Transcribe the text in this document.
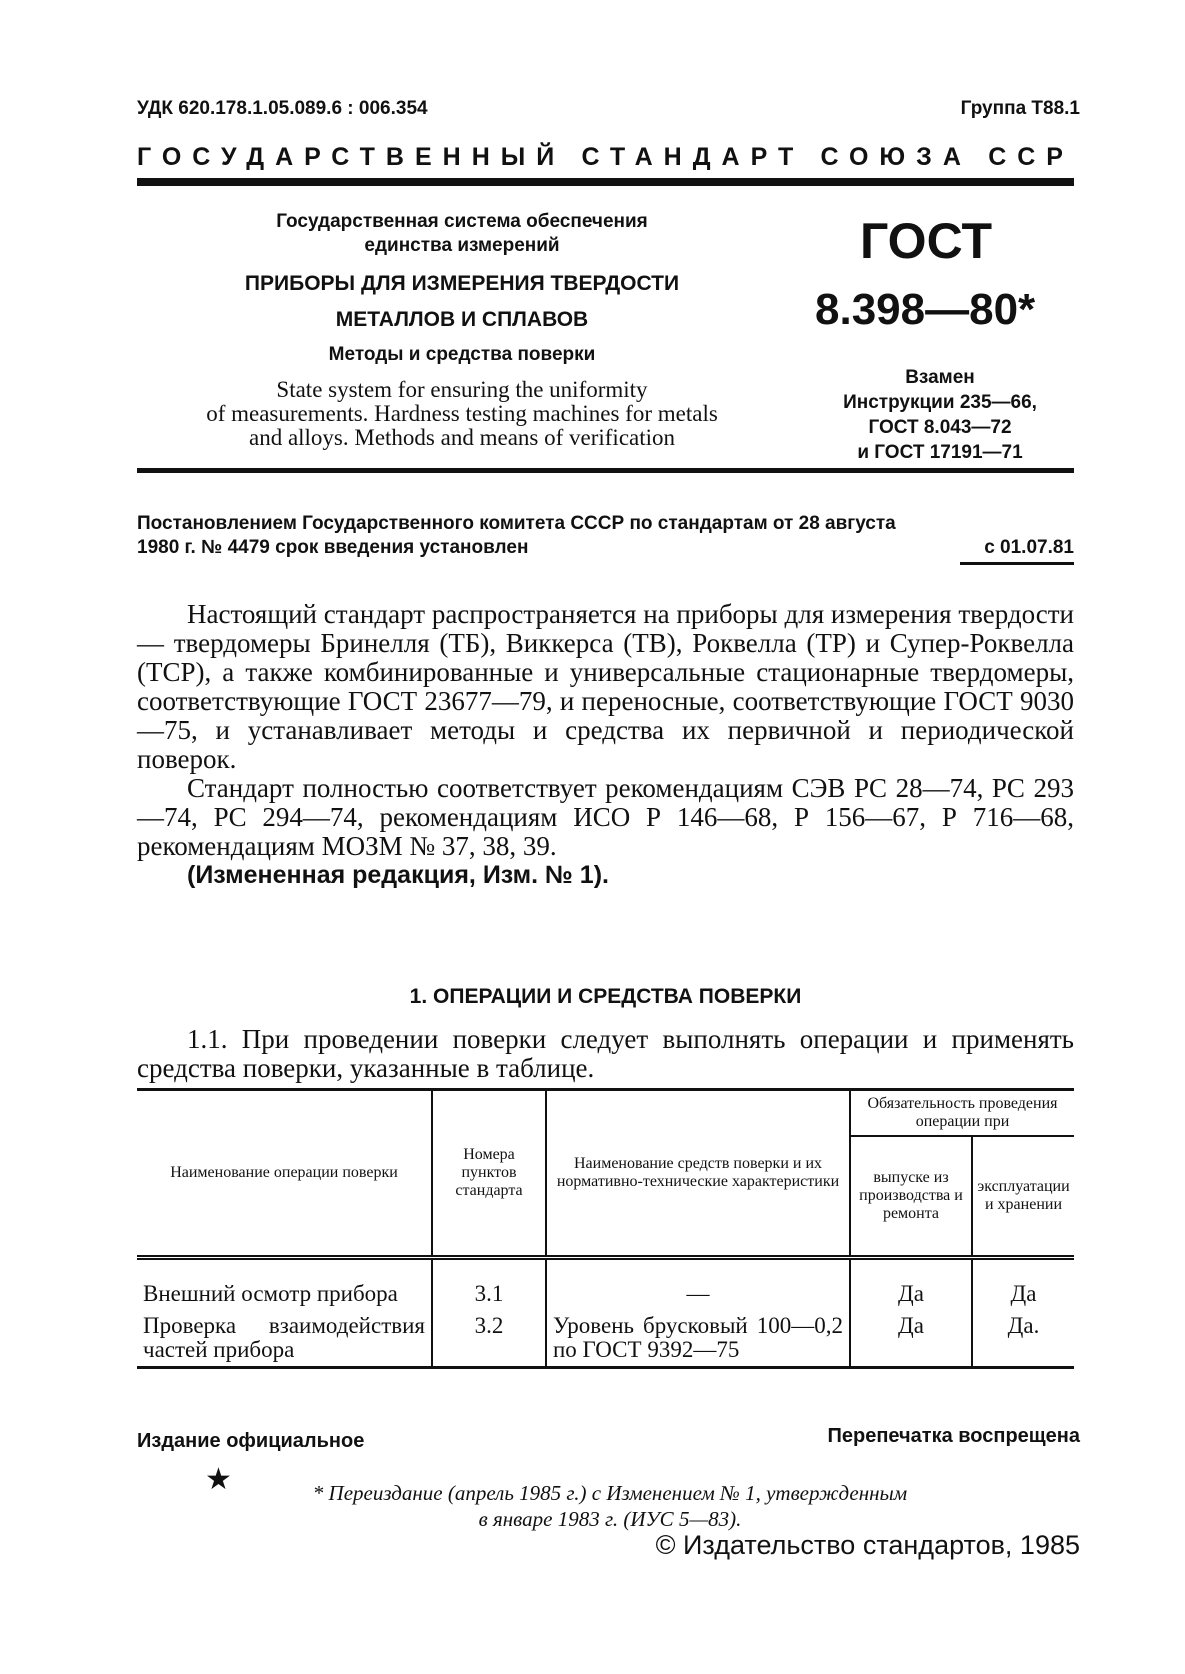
УДК 620.178.1.05.089.6 : 006.354	Группа Т88.1
ГОСУДАРСТВЕННЫЙ СТАНДАРТ СОЮЗА ССР
Государственная система обеспечения
единства измерений
ПРИБОРЫ ДЛЯ ИЗМЕРЕНИЯ ТВЕРДОСТИ
МЕТАЛЛОВ И СПЛАВОВ
Методы и средства поверки
State system for ensuring the uniformity
of measurements. Hardness testing machines for metals
and alloys. Methods and means of verification
ГОСТ
8.398—80*
Взамен
Инструкции 235—66,
ГОСТ 8.043—72
и ГОСТ 17191—71
Постановлением Государственного комитета СССР по стандартам от 28 августа
1980 г. № 4479 срок введения установлен	с 01.07.81

Настоящий стандарт распространяется на приборы для измерения твердости — твердомеры Бринелля (ТБ), Виккерса (ТВ), Роквелла (ТР) и Супер-Роквелла (ТСР), а также комбинированные и универсальные стационарные твердомеры, соответствующие ГОСТ 23677—79, и переносные, соответствующие ГОСТ 9030—75, и устанавливает методы и средства их первичной и периодической поверок.

Стандарт полностью соответствует рекомендациям СЭВ PC 28—74, PC 293—74, PC 294—74, рекомендациям ИСО Р 146—68, Р 156—67, Р 716—68, рекомендациям МОЗМ № 37, 38, 39.

(Измененная редакция, Изм. № 1).

1. ОПЕРАЦИИ И СРЕДСТВА ПОВЕРКИ

1.1. При проведении поверки следует выполнять операции и применять средства поверки, указанные в таблице.

Наименование операции поверки	Номера пунктов стандарта	Наименование средств поверки и их нормативно-технические характеристики	Обязательность проведения операции при	
			выпуске из производства и ремонта	эксплуатации и хранении
Внешний осмотр прибора	3.1	—	Да	Да
Проверка взаимодействия частей прибора	3.2	Уровень брусковый 100—0,2 по ГОСТ 9392—75	Да	Да.
Издание официальное	Перепечатка воспрещена
★	* Переиздание (апрель 1985 г.) с Изменением № 1, утвержденным
в январе 1983 г. (ИУС 5—83).
© Издательство стандартов, 1985
